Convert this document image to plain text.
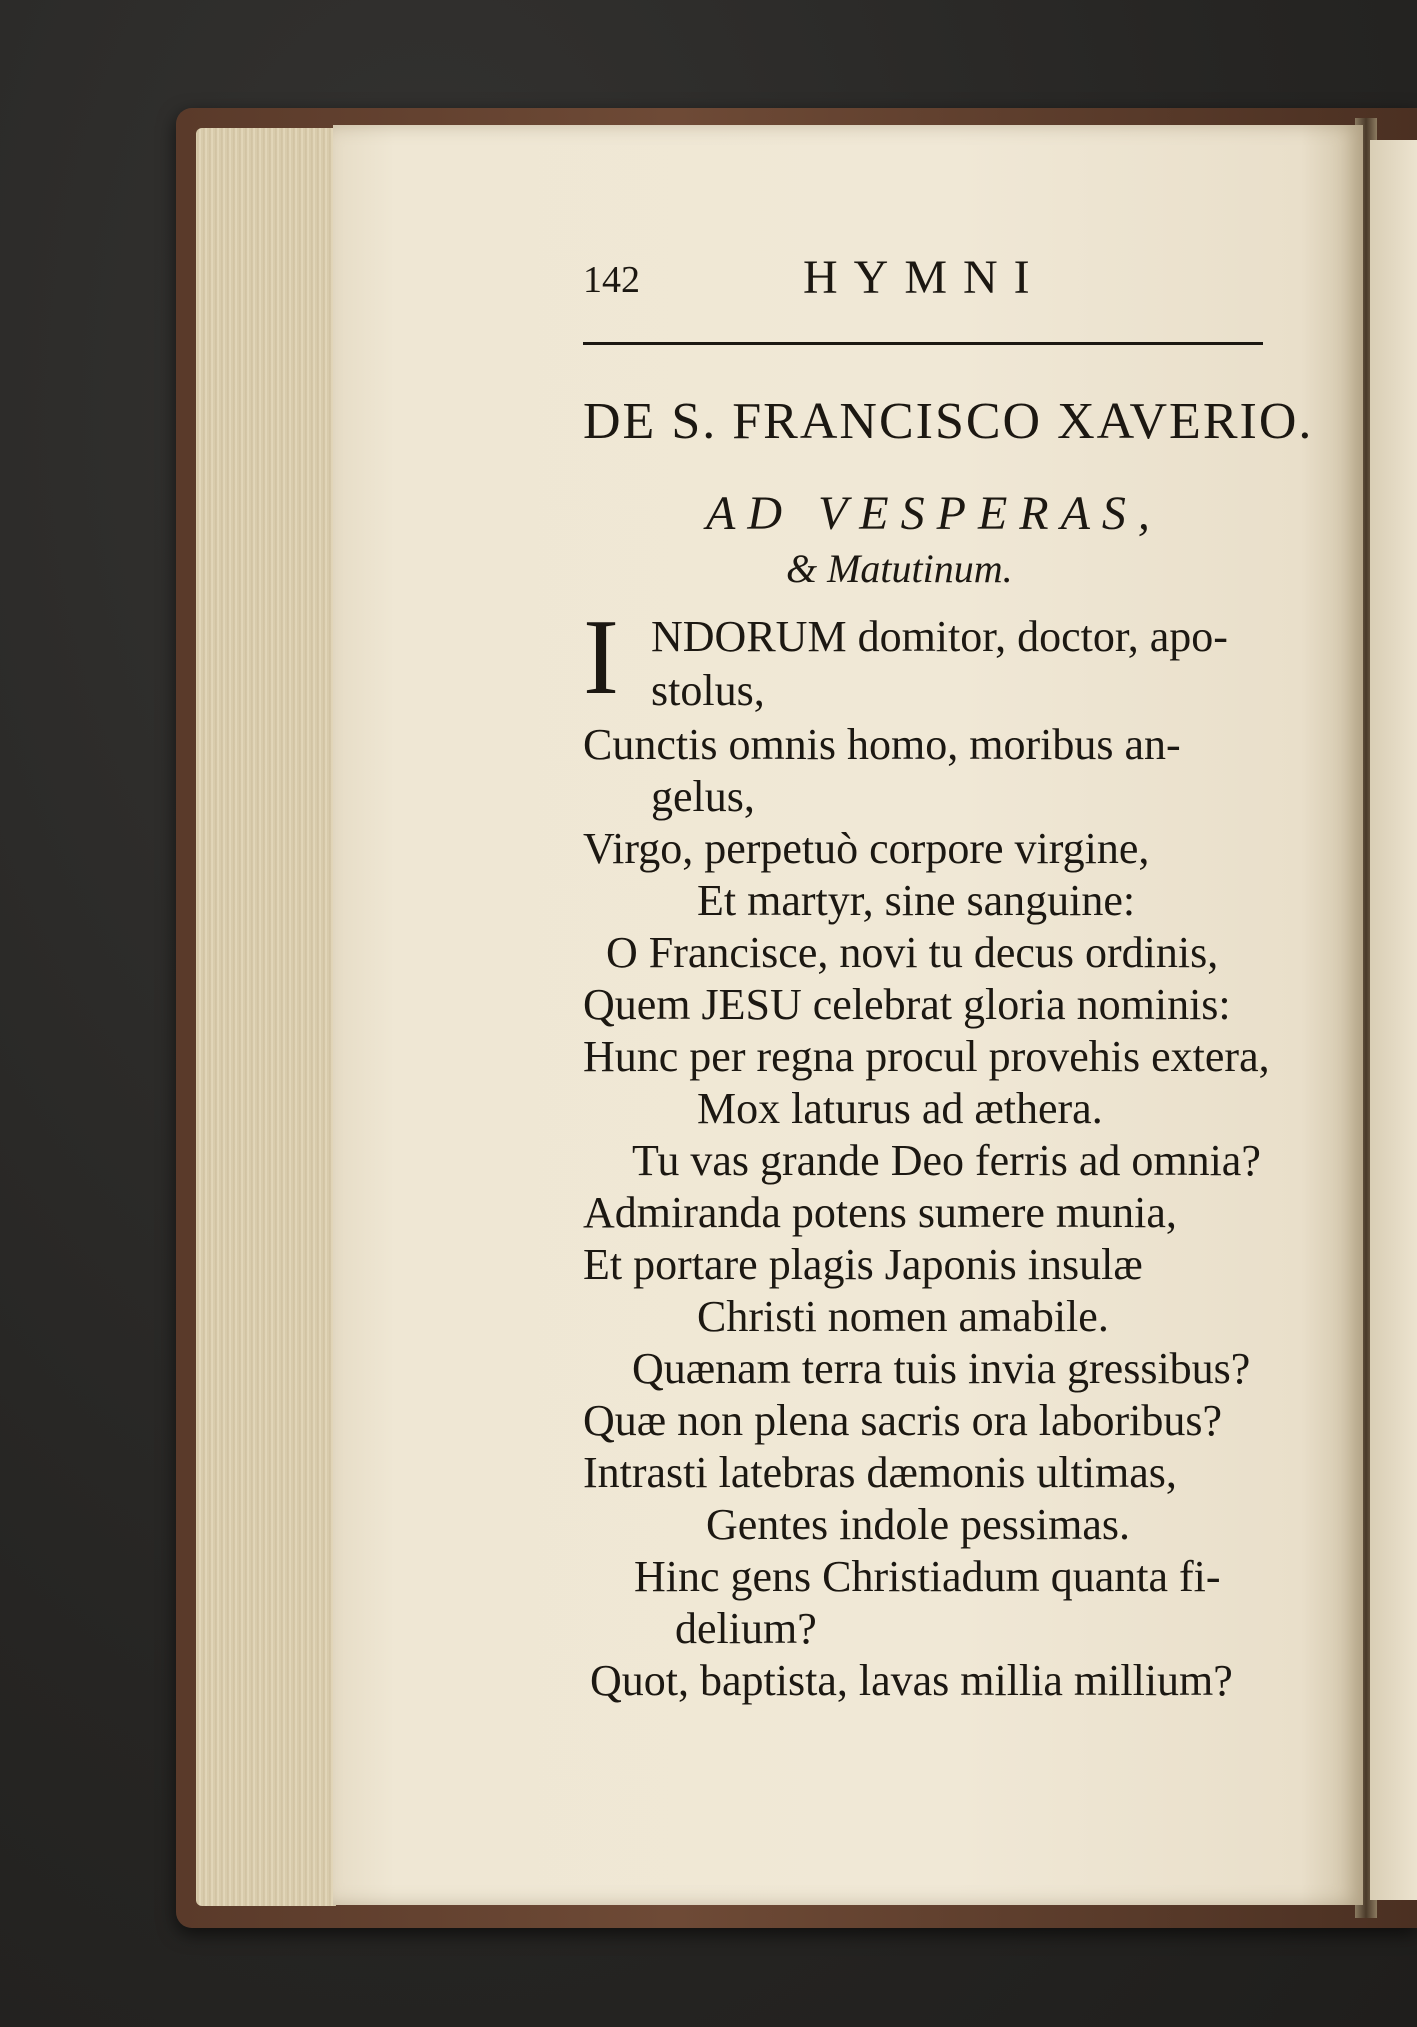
142	HYMNI
DE S. FRANCISCO XAVERIO.
AD VESPERAS,
& Matutinum.
I NDORUM domitor, doctor, apo-
stolus,
Cunctis omnis homo, moribus an-
gelus,
Virgo, perpetuò corpore virgine,
Et martyr, sine sanguine:
O Francisce, novi tu decus ordinis,
Quem JESU celebrat gloria nominis:
Hunc per regna procul provehis extera,
Mox laturus ad æthera.
Tu vas grande Deo ferris ad omnia?
Admiranda potens sumere munia,
Et portare plagis Japonis insulæ
Christi nomen amabile.
Quænam terra tuis invia gressibus?
Quæ non plena sacris ora laboribus?
Intrasti latebras dæmonis ultimas,
Gentes indole pessimas.
Hinc gens Christiadum quanta fi-
delium?
Quot, baptista, lavas millia millium?
